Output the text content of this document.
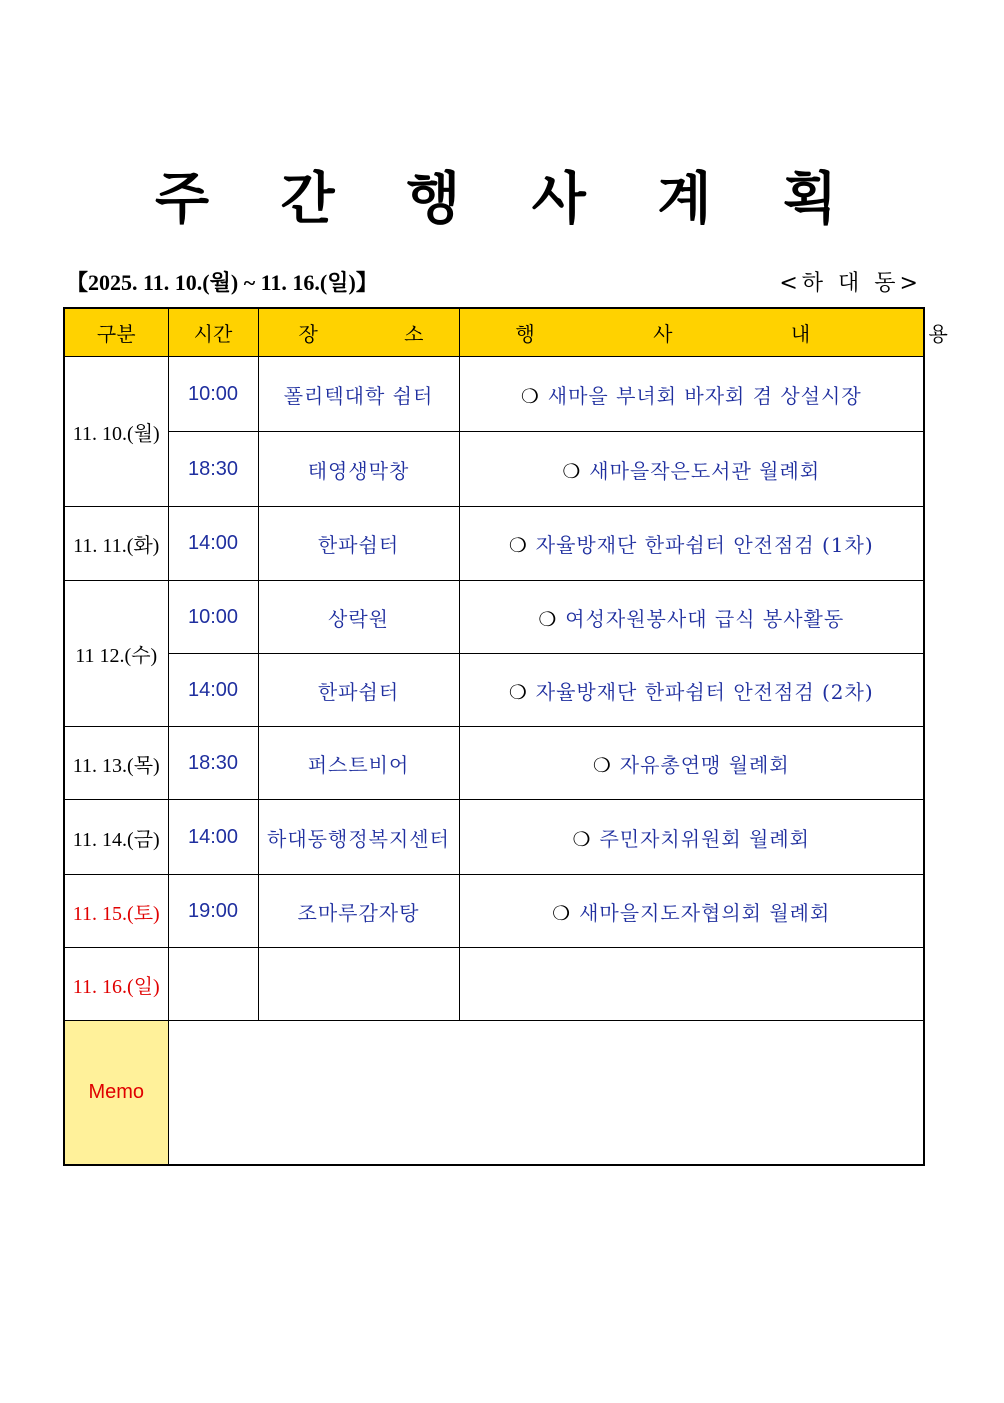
주 간 행 사 계 획
【2025. 11. 10.(월) ~ 11. 16.(일)】	<하 대 동>
구분	시간	장 소	행 사 내 용
11. 10.(월)	10:00	폴리텍대학 쉼터	❍ 새마을 부녀회 바자회 겸 상설시장
	18:30	태영생막창	❍ 새마을작은도서관 월례회
11. 11.(화)	14:00	한파쉼터	❍ 자율방재단 한파쉼터 안전점검 (1차)
11 12.(수)	10:00	상락원	❍ 여성자원봉사대 급식 봉사활동
	14:00	한파쉼터	❍ 자율방재단 한파쉼터 안전점검 (2차)
11. 13.(목)	18:30	퍼스트비어	❍ 자유총연맹 월례회
11. 14.(금)	14:00	하대동행정복지센터	❍ 주민자치위원회 월례회
11. 15.(토)	19:00	조마루감자탕	❍ 새마을지도자협의회 월례회
11. 16.(일)			
Memo			
